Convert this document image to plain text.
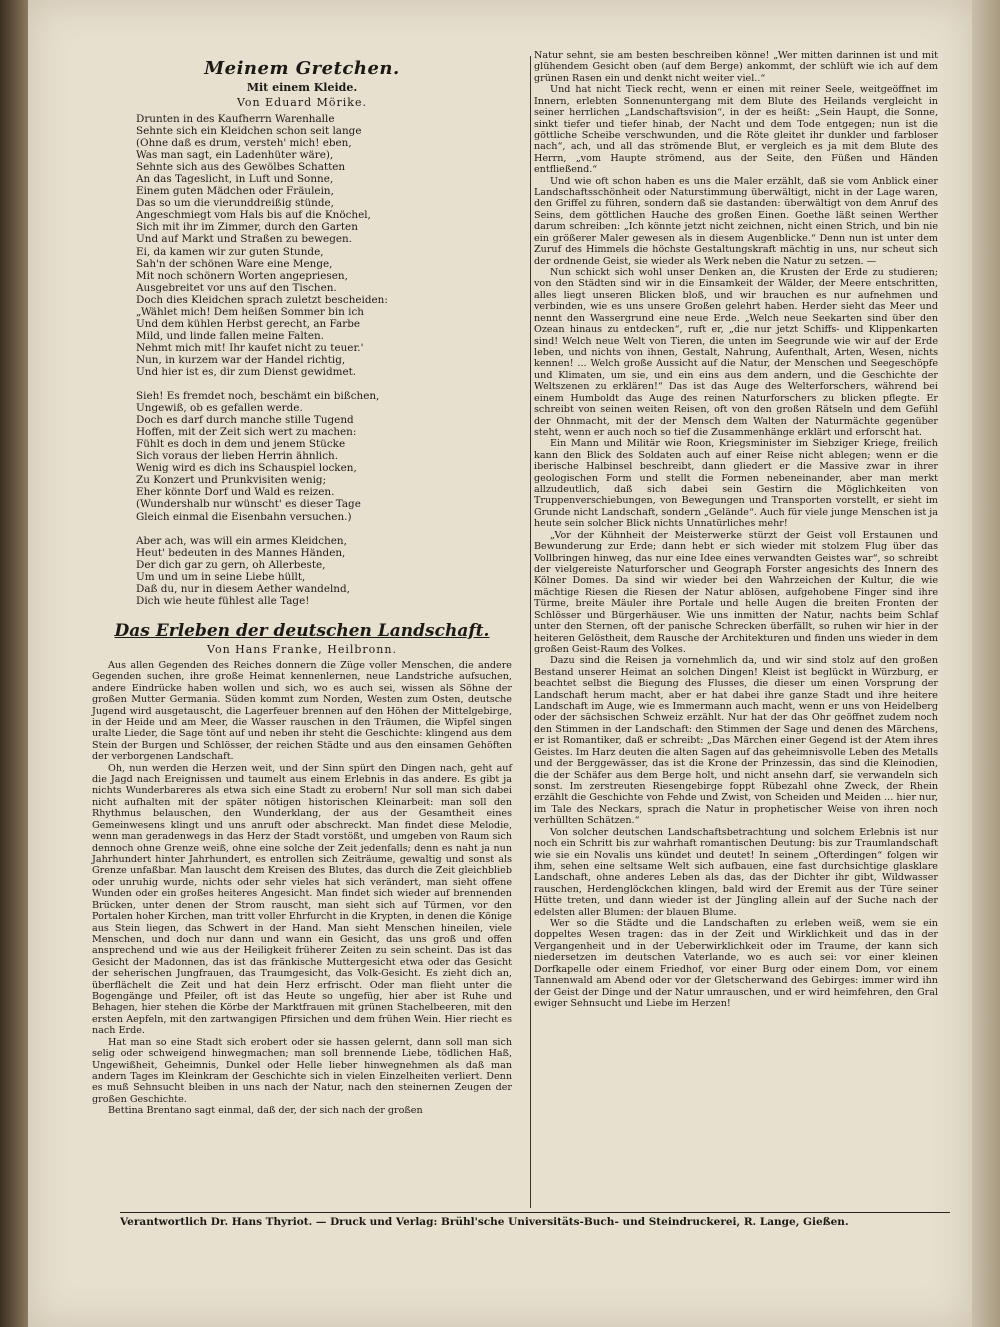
Meinem Gretchen.
Mit einem Kleide.
Von Eduard Mörike.
Drunten in des Kaufherrn Warenhalle
Sehnte sich ein Kleidchen schon seit lange
(Ohne daß es drum, versteh' mich! eben,
Was man sagt, ein Ladenhüter wäre),
Sehnte sich aus des Gewölbes Schatten
An das Tageslicht, in Luft und Sonne,
Einem guten Mädchen oder Fräulein,
Das so um die vierunddreißig stünde,
Angeschmiegt vom Hals bis auf die Knöchel,
Sich mit ihr im Zimmer, durch den Garten
Und auf Markt und Straßen zu bewegen.
Ei, da kamen wir zur guten Stunde,
Sah'n der schönen Ware eine Menge,
Mit noch schönern Worten angepriesen,
Ausgebreitet vor uns auf den Tischen.
Doch dies Kleidchen sprach zuletzt bescheiden:
„Wählet mich! Dem heißen Sommer bin ich
Und dem kühlen Herbst gerecht, an Farbe
Mild, und linde fallen meine Falten.
Nehmt mich mit! Ihr kaufet nicht zu teuer.'
Nun, in kurzem war der Handel richtig,
Und hier ist es, dir zum Dienst gewidmet.
Sieh! Es fremdet noch, beschämt ein bißchen,
Ungewiß, ob es gefallen werde.
Doch es darf durch manche stille Tugend
Hoffen, mit der Zeit sich wert zu machen:
Fühlt es doch in dem und jenem Stücke
Sich voraus der lieben Herrin ähnlich.
Wenig wird es dich ins Schauspiel locken,
Zu Konzert und Prunkvisiten wenig;
Eher könnte Dorf und Wald es reizen.
(Wundershalb nur wünscht' es dieser Tage
Gleich einmal die Eisenbahn versuchen.)
Aber ach, was will ein armes Kleidchen,
Heut' bedeuten in des Mannes Händen,
Der dich gar zu gern, oh Allerbeste,
Um und um in seine Liebe hüllt,
Daß du, nur in diesem Aether wandelnd,
Dich wie heute fühlest alle Tage!
Das Erleben der deutschen Landschaft.
Von Hans Franke, Heilbronn.

Aus allen Gegenden des Reiches donnern die Züge voller Menschen, die andere Gegenden suchen, ihre große Heimat kennenlernen, neue Landstriche aufsuchen, andere Eindrücke haben wollen und sich, wo es auch sei, wissen als Söhne der großen Mutter Germania. Süden kommt zum Norden, Westen zum Osten, deutsche Jugend wird ausgetauscht, die Lagerfeuer brennen auf den Höhen der Mittelgebirge, in der Heide und am Meer, die Wasser rauschen in den Träumen, die Wipfel singen uralte Lieder, die Sage tönt auf und neben ihr steht die Geschichte: klingend aus dem Stein der Burgen und Schlösser, der reichen Städte und aus den einsamen Gehöften der verborgenen Landschaft.

Oh, nun werden die Herzen weit, und der Sinn spürt den Dingen nach, geht auf die Jagd nach Ereignissen und taumelt aus einem Erlebnis in das andere. Es gibt ja nichts Wunderbareres als etwa sich eine Stadt zu erobern! Nur soll man sich dabei nicht aufhalten mit der später nötigen historischen Kleinarbeit: man soll den Rhythmus belauschen, den Wunderklang, der aus der Gesamtheit eines Gemeinwesens klingt und uns anruft oder abschreckt. Man findet diese Melodie, wenn man geradenwegs in das Herz der Stadt vorstößt, und umgeben von Raum sich dennoch ohne Grenze weiß, ohne eine solche der Zeit jedenfalls; denn es naht ja nun Jahrhundert hinter Jahrhundert, es entrollen sich Zeiträume, gewaltig und sonst als Grenze unfaßbar. Man lauscht dem Kreisen des Blutes, das durch die Zeit gleichblieb oder unruhig wurde, nichts oder sehr vieles hat sich verändert, man sieht offene Wunden oder ein großes heiteres Angesicht. Man findet sich wieder auf brennenden Brücken, unter denen der Strom rauscht, man sieht sich auf Türmen, vor den Portalen hoher Kirchen, man tritt voller Ehrfurcht in die Krypten, in denen die Könige aus Stein liegen, das Schwert in der Hand. Man sieht Menschen hineilen, viele Menschen, und doch nur dann und wann ein Gesicht, das uns groß und offen ansprechend und wie aus der Heiligkeit früherer Zeiten zu sein scheint. Das ist das Gesicht der Madonnen, das ist das fränkische Muttergesicht etwa oder das Gesicht der seherischen Jungfrauen, das Traumgesicht, das Volk-Gesicht. Es zieht dich an, überflächelt die Zeit und hat dein Herz erfrischt. Oder man flieht unter die Bogengänge und Pfeiler, oft ist das Heute so ungefüg, hier aber ist Ruhe und Behagen, hier stehen die Körbe der Marktfrauen mit grünen Stachelbeeren, mit den ersten Aepfeln, mit den zartwangigen Pfirsichen und dem frühen Wein. Hier riecht es nach Erde.

Hat man so eine Stadt sich erobert oder sie hassen gelernt, dann soll man sich selig oder schweigend hinwegmachen; man soll brennende Liebe, tödlichen Haß, Ungewißheit, Geheimnis, Dunkel oder Helle lieber hinwegnehmen als daß man andern Tages im Kleinkram der Geschichte sich in vielen Einzelheiten verliert. Denn es muß Sehnsucht bleiben in uns nach der Natur, nach den steinernen Zeugen der großen Geschichte.

Bettina Brentano sagt einmal, daß der, der sich nach der großen

Natur sehnt, sie am besten beschreiben könne! „Wer mitten darinnen ist und mit glühendem Gesicht oben (auf dem Berge) ankommt, der schlüft wie ich auf dem grünen Rasen ein und denkt nicht weiter viel..“

Und hat nicht Tieck recht, wenn er einen mit reiner Seele, weitgeöffnet im Innern, erlebten Sonnenuntergang mit dem Blute des Heilands vergleicht in seiner herrlichen „Landschaftsvision“, in der es heißt: „Sein Haupt, die Sonne, sinkt tiefer und tiefer hinab, der Nacht und dem Tode entgegen; nun ist die göttliche Scheibe verschwunden, und die Röte gleitet ihr dunkler und farbloser nach“, ach, und all das strömende Blut, er vergleich es ja mit dem Blute des Herrn, „vom Haupte strömend, aus der Seite, den Füßen und Händen entfließend.“

Und wie oft schon haben es uns die Maler erzählt, daß sie vom Anblick einer Landschaftsschönheit oder Naturstimmung überwältigt, nicht in der Lage waren, den Griffel zu führen, sondern daß sie dastanden: überwältigt von dem Anruf des Seins, dem göttlichen Hauche des großen Einen. Goethe läßt seinen Werther darum schreiben: „Ich könnte jetzt nicht zeichnen, nicht einen Strich, und bin nie ein größerer Maler gewesen als in diesem Augenblicke.“ Denn nun ist unter dem Zuruf des Himmels die höchste Gestaltungskraft mächtig in uns, nur scheut sich der ordnende Geist, sie wieder als Werk neben die Natur zu setzen. —

Nun schickt sich wohl unser Denken an, die Krusten der Erde zu studieren; von den Städten sind wir in die Einsamkeit der Wälder, der Meere entschritten, alles liegt unseren Blicken bloß, und wir brauchen es nur aufnehmen und verbinden, wie es uns unsere Großen gelehrt haben. Herder sieht das Meer und nennt den Wassergrund eine neue Erde. „Welch neue Seekarten sind über den Ozean hinaus zu entdecken“, ruft er, „die nur jetzt Schiffs- und Klippenkarten sind! Welch neue Welt von Tieren, die unten im Seegrunde wie wir auf der Erde leben, und nichts von ihnen, Gestalt, Nahrung, Aufenthalt, Arten, Wesen, nichts kennen! ... Welch große Aussicht auf die Natur, der Menschen und Seegeschöpfe und Klimaten, um sie, und ein eins aus dem andern, und die Geschichte der Weltszenen zu erklären!“ Das ist das Auge des Welterforschers, während bei einem Humboldt das Auge des reinen Naturforschers zu blicken pflegte. Er schreibt von seinen weiten Reisen, oft von den großen Rätseln und dem Gefühl der Ohnmacht, mit der der Mensch dem Walten der Naturmächte gegenüber steht, wenn er auch noch so tief die Zusammenhänge erklärt und erforscht hat.

Ein Mann und Militär wie Roon, Kriegsminister im Siebziger Kriege, freilich kann den Blick des Soldaten auch auf einer Reise nicht ablegen; wenn er die iberische Halbinsel beschreibt, dann gliedert er die Massive zwar in ihrer geologischen Form und stellt die Formen nebeneinander, aber man merkt allzudeutlich, daß sich dabei sein Gestirn die Möglichkeiten von Truppenverschiebungen, von Bewegungen und Transporten vorstellt, er sieht im Grunde nicht Landschaft, sondern „Gelände“. Auch für viele junge Menschen ist ja heute sein solcher Blick nichts Unnatürliches mehr!

„Vor der Kühnheit der Meisterwerke stürzt der Geist voll Erstaunen und Bewunderung zur Erde; dann hebt er sich wieder mit stolzem Flug über das Vollbringen hinweg, das nur eine Idee eines verwandten Geistes war“, so schreibt der vielgereiste Naturforscher und Geograph Forster angesichts des Innern des Kölner Domes. Da sind wir wieder bei den Wahrzeichen der Kultur, die wie mächtige Riesen die Riesen der Natur ablösen, aufgehobene Finger sind ihre Türme, breite Mäuler ihre Portale und helle Augen die breiten Fronten der Schlösser und Bürgerhäuser. Wie uns inmitten der Natur, nachts beim Schlaf unter den Sternen, oft der panische Schrecken überfällt, so ruhen wir hier in der heiteren Gelöstheit, dem Rausche der Architekturen und finden uns wieder in dem großen Geist-Raum des Volkes.

Dazu sind die Reisen ja vornehmlich da, und wir sind stolz auf den großen Bestand unserer Heimat an solchen Dingen! Kleist ist beglückt in Würzburg, er beachtet selbst die Biegung des Flusses, die dieser um einen Vorsprung der Landschaft herum macht, aber er hat dabei ihre ganze Stadt und ihre heitere Landschaft im Auge, wie es Immermann auch macht, wenn er uns von Heidelberg oder der sächsischen Schweiz erzählt. Nur hat der das Ohr geöffnet zudem noch den Stimmen in der Landschaft: den Stimmen der Sage und denen des Märchens, er ist Romantiker, daß er schreibt: „Das Märchen einer Gegend ist der Atem ihres Geistes. Im Harz deuten die alten Sagen auf das geheimnisvolle Leben des Metalls und der Berggewässer, das ist die Krone der Prinzessin, das sind die Kleinodien, die der Schäfer aus dem Berge holt, und nicht ansehn darf, sie verwandeln sich sonst. Im zerstreuten Riesengebirge foppt Rübezahl ohne Zweck, der Rhein erzählt die Geschichte von Fehde und Zwist, von Scheiden und Meiden ... hier nur, im Tale des Neckars, sprach die Natur in prophetischer Weise von ihren noch verhüllten Schätzen.“

Von solcher deutschen Landschaftsbetrachtung und solchem Erlebnis ist nur noch ein Schritt bis zur wahrhaft romantischen Deutung: bis zur Traumlandschaft wie sie ein Novalis uns kündet und deutet! In seinem „Ofterdingen“ folgen wir ihm, sehen eine seltsame Welt sich aufbauen, eine fast durchsichtige glasklare Landschaft, ohne anderes Leben als das, das der Dichter ihr gibt, Wildwasser rauschen, Herdenglöckchen klingen, bald wird der Eremit aus der Türe seiner Hütte treten, und dann wieder ist der Jüngling allein auf der Suche nach der edelsten aller Blumen: der blauen Blume.

Wer so die Städte und die Landschaften zu erleben weiß, wem sie ein doppeltes Wesen tragen: das in der Zeit und Wirklichkeit und das in der Vergangenheit und in der Ueberwirklichkeit oder im Traume, der kann sich niedersetzen im deutschen Vaterlande, wo es auch sei: vor einer kleinen Dorfkapelle oder einem Friedhof, vor einer Burg oder einem Dom, vor einem Tannenwald am Abend oder vor der Gletscherwand des Gebirges: immer wird ihn der Geist der Dinge und der Natur umrauschen, und er wird heimfehren, den Gral ewiger Sehnsucht und Liebe im Herzen!

Verantwortlich Dr. Hans Thyriot. — Druck und Verlag: Brühl'sche Universitäts-Buch- und Steindruckerei, R. Lange, Gießen.
